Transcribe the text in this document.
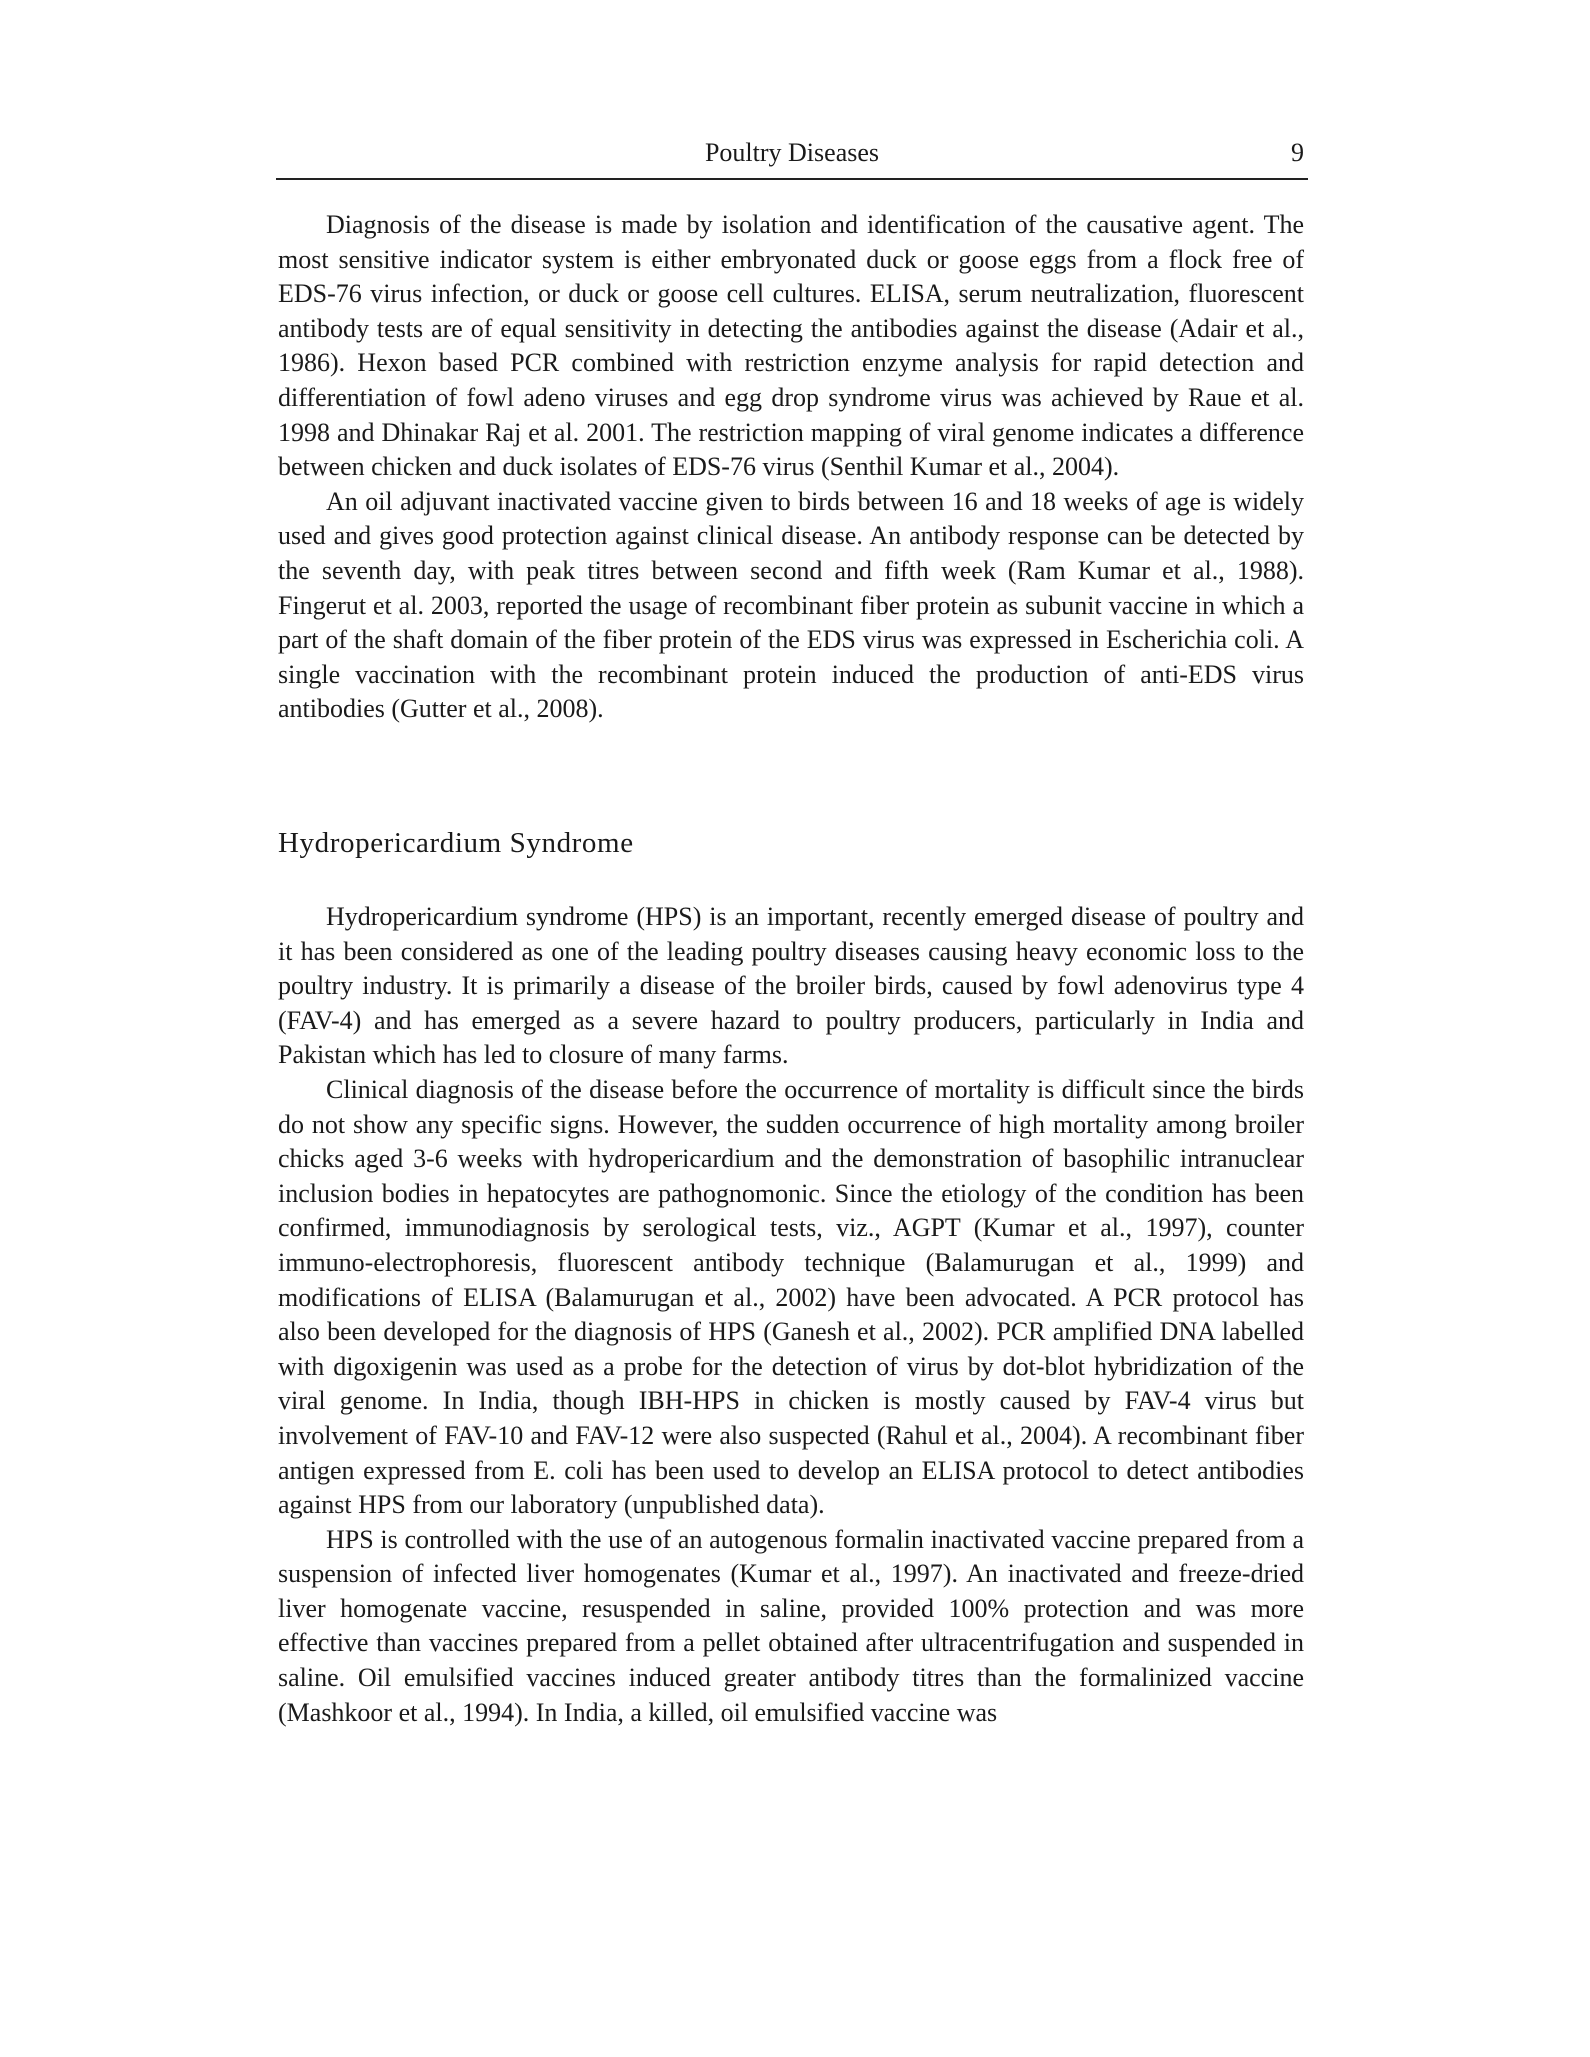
Poultry Diseases	9

Diagnosis of the disease is made by isolation and identification of the causative agent. The most sensitive indicator system is either embryonated duck or goose eggs from a flock free of EDS-76 virus infection, or duck or goose cell cultures. ELISA, serum neutralization, fluorescent antibody tests are of equal sensitivity in detecting the antibodies against the disease (Adair et al., 1986). Hexon based PCR combined with restriction enzyme analysis for rapid detection and differentiation of fowl adeno viruses and egg drop syndrome virus was achieved by Raue et al. 1998 and Dhinakar Raj et al. 2001. The restriction mapping of viral genome indicates a difference between chicken and duck isolates of EDS-76 virus (Senthil Kumar et al., 2004).

An oil adjuvant inactivated vaccine given to birds between 16 and 18 weeks of age is widely used and gives good protection against clinical disease. An antibody response can be detected by the seventh day, with peak titres between second and fifth week (Ram Kumar et al., 1988). Fingerut et al. 2003, reported the usage of recombinant fiber protein as subunit vaccine in which a part of the shaft domain of the fiber protein of the EDS virus was expressed in Escherichia coli. A single vaccination with the recombinant protein induced the production of anti-EDS virus antibodies (Gutter et al., 2008).

Hydropericardium Syndrome

Hydropericardium syndrome (HPS) is an important, recently emerged disease of poultry and it has been considered as one of the leading poultry diseases causing heavy economic loss to the poultry industry. It is primarily a disease of the broiler birds, caused by fowl adenovirus type 4 (FAV-4) and has emerged as a severe hazard to poultry producers, particularly in India and Pakistan which has led to closure of many farms.

Clinical diagnosis of the disease before the occurrence of mortality is difficult since the birds do not show any specific signs. However, the sudden occurrence of high mortality among broiler chicks aged 3-6 weeks with hydropericardium and the demonstration of basophilic intranuclear inclusion bodies in hepatocytes are pathognomonic. Since the etiology of the condition has been confirmed, immunodiagnosis by serological tests, viz., AGPT (Kumar et al., 1997), counter immuno-electrophoresis, fluorescent antibody technique (Balamurugan et al., 1999) and modifications of ELISA (Balamurugan et al., 2002) have been advocated. A PCR protocol has also been developed for the diagnosis of HPS (Ganesh et al., 2002). PCR amplified DNA labelled with digoxigenin was used as a probe for the detection of virus by dot-blot hybridization of the viral genome. In India, though IBH-HPS in chicken is mostly caused by FAV-4 virus but involvement of FAV-10 and FAV-12 were also suspected (Rahul et al., 2004). A recombinant fiber antigen expressed from E. coli has been used to develop an ELISA protocol to detect antibodies against HPS from our laboratory (unpublished data).

HPS is controlled with the use of an autogenous formalin inactivated vaccine prepared from a suspension of infected liver homogenates (Kumar et al., 1997). An inactivated and freeze-dried liver homogenate vaccine, resuspended in saline, provided 100% protection and was more effective than vaccines prepared from a pellet obtained after ultracentrifugation and suspended in saline. Oil emulsified vaccines induced greater antibody titres than the formalinized vaccine (Mashkoor et al., 1994). In India, a killed, oil emulsified vaccine was
